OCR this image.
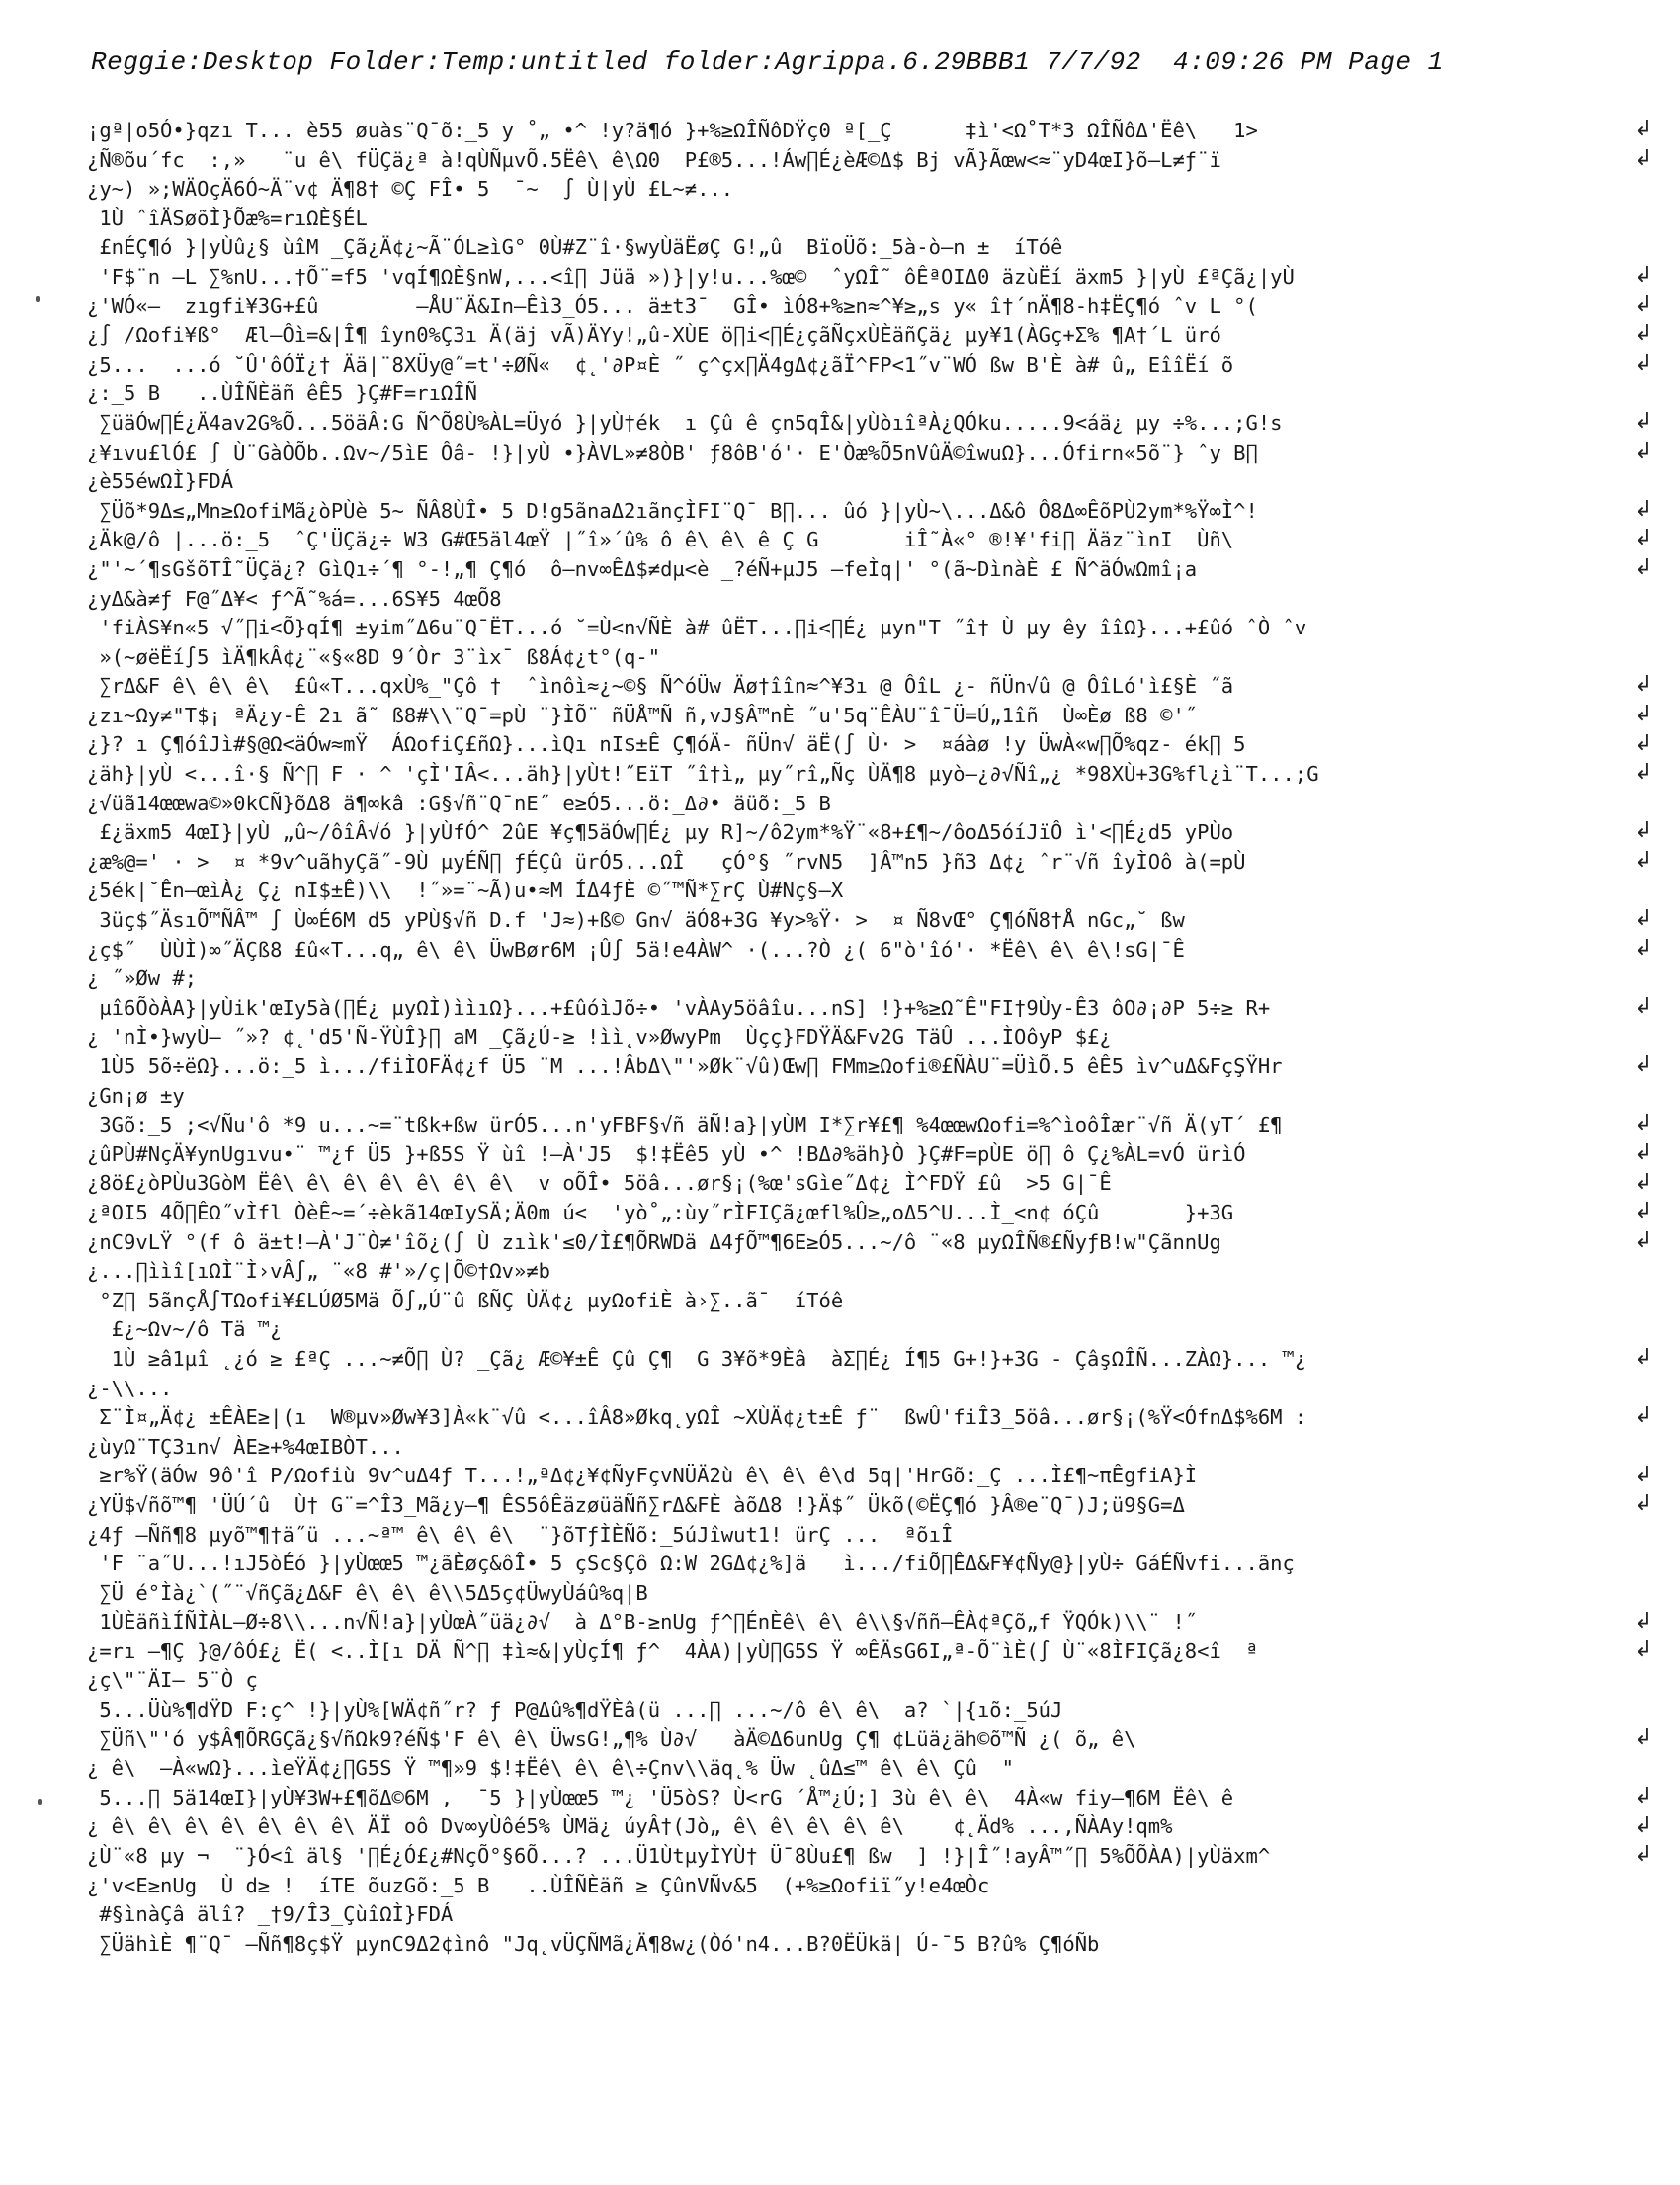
Reggie:Desktop Folder:Temp:untitled folder:Agrippa.6.29BBB1 7/7/92  4:09:26 PM Page 1
¡gª|o5Ó•}qzı T... è55 øuàs¨Q¯õ:_5 y ˚„ •^ !y?ä¶ó }+%≥ΩÎÑôDŸç0 ª[_Ç      ‡ì'<Ω˚T*3 ΩÎÑôΔ'Ëê\   1>
¿Ñ®õu´fc  :,»   ¨u ê\ fÜÇä¿ª à!qÙÑµvÕ.5Ëê\ ê\Ω0  P£®5...!Áw∏É¿èÆ©Δ$ Bj vÃ}Ãœw<≈¨yD4œI}õ—L≠ƒ¨ï
¿y~) »;WÄOçÄ6Ó~Ä¨v¢ Ä¶8† ©Ç FÎ• 5  ¯~  ∫ Ù|yÙ £L~≠...
1Ù ˆîÄSøõÌ}Õæ%=rıΩÈ§ÉL
£nÉÇ¶ó }|yÙû¿§ ùîM _Çã¿Ä¢¿~Ã¨ÓL≥ìG° 0Ù#Z¨î·§wyÙäËøÇ G!„û  BïoÜõ:_5à-ò—n ±  íTóê
'F$¨n —L ∑%nU...†Õ¨=f5 'vqÍ¶ΩÈ§nW,...<î∏ Jüä »)}|y!u...%œ©  ˆyΩÎ˜ ôÊªOIΔ0 äzùËí äxm5 }|yÙ £ªÇã¿|yÙ
¿'WÓ«—  zıgfi¥3G+£û        —ÅU¨Ä&In—Êì3_Ó5... ä±t3¯  GÎ• ìÓ8+%≥n≈^¥≥„s y« î†´nÄ¶8-h‡ËÇ¶ó ˆv L °(
¿∫ /Ωofi¥ß°  Æl—Ôì=&|Î¶ îyn0%Ç3ı Ä(äj vÃ)ÄYy!„û-XÙE ö∏i<∏É¿çãÑçxÙÈäñÇä¿ µy¥1(ÀGç+Σ% ¶A†´L üró
¿5...  ...ó ˘Û'ôÓÏ¿† Ää|¨8XÜy@˝=t'÷ØÑ«  ¢˛'∂P¤È ˝ ç^çx∏Ä4gΔ¢¿ãÏ^FP<1˝v¨WÓ ßw B'È à# û„ EîîËí õ
¿:_5 B   ..ÙÎÑÈäñ êÊ5 }Ç#F=rıΩÎÑ
∑üäÓw∏É¿Ä4av2G%Õ...5öäÂ:G Ñ^Õ8Ù%ÀL=Üyó }|yÙ†ék  ı Çû ê çn5qÎ&|yÙòıîªÀ¿QÓku.....9<áä¿ µy ÷%...;G!s
¿¥ıvu£lÓ£ ∫ Ù¨GàÒÕb..Ωv~/5ìE Ôâ- !}|yÙ •}ÀVL»≠8ÒB' ƒ8ôB'ó'· E'Òæ%Õ5nVûÄ©îwuΩ}...Ófirn«5õ¨} ˆy B∏
¿è55éwΩÌ}FDÁ
∑Üõ*9Δ≤„Mn≥ΩofiMã¿òPÙè 5~ ÑÂ8ÙÎ• 5 D!g5ãnaΔ2ıãnçÌFI¨Q¯ B∏... ûó }|yÙ~\...Δ&ô Ô8Δ∞ÊõPÙ2ym*%Ÿ∞Ì^!
¿Äk@/ô |...ö:_5  ˆÇ'ÜÇä¿÷ W3 G#Œ5äl4œŸ |˝î»´û% ô ê\ ê\ ê Ç G       iÎ˜À«° ®!¥'fi∏ Ääz¨ìnI  Ùñ\
¿"'~´¶sGšõTÎ˜ÜÇä¿? GìQı÷´¶ °-!„¶ Ç¶ó  ô—nv∞ÊΔ$≠dµ<è _?éÑ+µJ5 —feÌq|' °(ã~DìnàÈ £ Ñ^äÓwΩmî¡a
¿yΔ&à≠ƒ F@˝Δ¥< ƒ^Ã˜%á=...6S¥5 4œÕ8
'fiÀS¥n«5 √˝∏i<Õ}qÍ¶ ±yim˝Δ6u¨Q¯ËT...ó ˘=Ù<n√ÑÈ à# ûËT...∏i<∏É¿ µyn"T ˝î† Ù µy êy îîΩ}...+£ûó ˆÒ ˆv
»(~øëËí∫5 ìÄ¶kÂ¢¿¨«§«8D 9´Òr 3¨ìx¯ ß8Á¢¿t°(q-"
∑rΔ&F ê\ ê\ ê\  £û«T...qxÙ%_"Çô †  ˆìnôì≈¿~©§ Ñ^óÜw Äø†îîn≈^¥3ı @ ÔîL ¿- ñÜn√û @ ÔîLó'ì£§È ˝ã
¿zı~Ωy≠"T$¡ ªÄ¿y-Ê 2ı ã˜ ß8#\\¨Q¯=pÙ ¨}ÌÕ¨ ñÜÅ™Ñ ñ,vJ§Â™nÈ ˝u'5q¨ÊÀU¨î¯Ü=Ú„1îñ  Ù∞Èø ß8 ©'˝
¿}? ı Ç¶óîJì#§@Ω<äÓw≈mŸ  ÁΩofiÇ£ñΩ}...ìQı nI$±Ê Ç¶óÄ- ñÜn√ äË(∫ Ù· >  ¤áàø !y ÜwÀ«w∏Õ%qz- ék∏ 5
¿äh}|yÙ <...î·§ Ñ^∏ F · ^ 'çÌ'IÂ<...äh}|yÙt!˝EïT ˝î†ì„ µy˝rî„Ñç ÙÄ¶8 µyò—¿∂√Ñî„¿ *98XÙ+3G%fl¿ì¨T...;G
¿√üã14œœwa©»0kCÑ}õΔ8 ä¶∞kâ :G§√ñ¨Q¯nE˝ e≥Ó5...ö:_Δ∂• äüõ:_5 B
£¿äxm5 4œI}|yÙ „û~/ôîÂ√ó }|yÙfÓ^ 2ûE ¥ç¶5äÓw∏É¿ µy R]~/ô2ym*%Ÿ¨«8+£¶~/ôoΔ5óíJïÔ ì'<∏É¿d5 yPÙo
¿æ%@=' · >  ¤ *9v^uãhyÇã˝-9Ù µyÉÑ∏ ƒÉÇû ürÓ5...ΩÎ   çÓ°§ ˝rvN5  ]Â™n5 }ñ3 Δ¢¿ ˆr¨√ñ îyÌOô à(=pÙ
¿5ék|˘Ên—œìÀ¿ Ç¿ nI$±Ê)\\  !˝»=¨~Ã)u•≈M ÍΔ4ƒÈ ©˝™Ñ*∑rÇ Ù#Nç§—X
3üç$˝ÄsıÕ™ÑÂ™ ∫ Ù∞É6M d5 yPÙ§√ñ D.f 'J≈)+ß© Gn√ äÓ8+3G ¥y>%Ÿ· >  ¤ Ñ8vŒ° Ç¶óÑ8†Å nGc„˘ ßw
¿ç$˝  ÙÙÌ)∞˝ÄÇß8 £û«T...q„ ê\ ê\ ÜwBør6M ¡Û∫ 5ä!e4ÀW^ ·(...?Ò ¿( 6"ò'îó'· *Ëê\ ê\ ê\!sG|¯Ê
¿ ˝»Øw #;
µî6ÕòÀA}|yÙik'œIy5à(∏É¿ µyΩÌ)ììıΩ}...+£ûóìJõ÷• 'vÀAy5öâîu...nS] !}+%≥Ω˜Ê"FI†9Ùy-Ê3 ôO∂¡∂P 5÷≥ R+
¿ 'nÌ•}wyÙ— ˝»? ¢˛'d5'Ñ-ŸÙÎ}∏ aM _Çã¿Ú-≥ !ìì˛v»ØwyPm  Ùçç}FDŸÄ&Fv2G TäÛ ...ÌOôyP $£¿
1Ù5 5õ÷ëΩ}...ö:_5 ì.../fiÌOFÄ¢¿f Ü5 ¨M ...!ÂbΔ\"'»Øk¨√û)Œw∏ FMm≥Ωofi®£ÑÀU¨=ÜìÕ.5 êÊ5 ìv^uΔ&FçŞŸHr
¿Gn¡ø ±y
3Gõ:_5 ;<√Ñu'ô *9 u...~=¨tßk+ßw ürÓ5...n'yFBF§√ñ äÑ!a}|yÙM I*∑r¥£¶ %4œœwΩofi=%^ìoôÎær¨√ñ Ä(yT´ £¶
¿ûPÙ#NçÄ¥ynUgıvu•¨ ™¿f Ü5 }+ß5S Ÿ ùî !—À'J5  $!‡Ëê5 yÙ •^ !BΔ∂%äh}Ò }Ç#F=pÙE ö∏ ô Ç¿%ÀL=vÓ ürìÓ
¿8ö£¿òPÙu3GòM Ëê\ ê\ ê\ ê\ ê\ ê\ ê\  v oÕÎ• 5öâ...ør§¡(%œ'sGìe˝Δ¢¿ Ì^FDŸ £û  >5 G|¯Ê
¿ªOI5 4Õ∏ÊΩ˝vÌfl ÒèÊ~=´÷èkã14œIySÄ;Ä0m ú<  'yò˚„:ùy˝rÌFIÇã¿œfl%Û≥„oΔ5^U...Ì_<n¢ óÇû       }+3G
¿nC9vLŸ °(f ô ä±t!—À'J¨Ò≠'îõ¿(∫ Ù zıìk'≤0/Ì£¶ÕRWDä Δ4ƒÕ™¶6E≥Ó5...~/ô ¨«8 µyΩÎÑ®£ÑyƒB!w"ÇãnnUg
¿...∏ììî[ıΩÌ¨Ì›vÂ∫„ ¨«8 #'»/ç|Õ©†Ωv»≠b
°Z∏ 5ãnçÅ∫TΩofi¥£LÚØ5Mä Õ∫„Ú¨û ßÑÇ ÙÄ¢¿ µyΩofiÈ à›∑..ã¯  íTóê
£¿~Ωv~/ô Tä ™¿
1Ù ≥â1µî ˛¿ó ≥ £ªÇ ...~≠Õ∏ Ù? _Çã¿ Æ©¥±Ê Çû Ç¶  G 3¥õ*9Èâ  àΣ∏É¿ Í¶5 G+!}+3G - ÇâşΩÎÑ...ZÀΩ}... ™¿
¿-\\...
Σ¨Ì¤„Ä¢¿ ±ÊÀE≥|(ı  W®µv»Øw¥3]À«k¨√û <...îÂ8»Økq˛yΩÎ ~XÙÄ¢¿t±Ê ƒ¨  ßwÛ'fiÎ3_5öâ...ør§¡(%Ÿ<ÓfnΔ$%6M :
¿ùyΩ¨TÇ3ın√ ÀE≥+%4œIBÒT...
≥r%Ÿ(äÓw 9ô'î P/Ωofiù 9v^uΔ4ƒ T...!„ªΔ¢¿¥¢ÑyFçvNÜÄ2ù ê\ ê\ ê\d 5q|'HrGõ:_Ç ...Ì£¶~πÊgfiA}Ì
¿YÜ$√ñõ™¶ 'ÜÚ´û  Ù† G¨=^Î3_Mã¿y—¶ ÊS5ôÊäzøüäÑñ∑rΔ&FÈ àõΔ8 !}Ä$˝ Ükõ(©ËÇ¶ó }Â®e¨Q¯)J;ü9§G=Δ
¿4ƒ —Ññ¶8 µyõ™¶†ä˝ü ...~ª™ ê\ ê\ ê\  ¨}õTƒÌÈÑõ:_5úJîwut1! ürÇ ...  ªõıÎ
'F ¨a˝U...!ıJ5òÉó }|yÙœœ5 ™¿ãÈøç&ôÎ• 5 çSc§Çô Ω:W 2GΔ¢¿%]ä   ì.../fiÕ∏ÊΔ&F¥¢Ñy@}|yÙ÷ GáÉÑvfi...ãnç
∑Ü é°Ìà¿`(˝¨√ñÇã¿Δ&F ê\ ê\ ê\\5Δ5ç¢ÜwyÙáû%q|B
1ÙÈäñìÍÑÌÀL—Ø÷8\\...n√Ñ!a}|yÙœÀ˝üä¿∂√  à Δ°B-≥nUg ƒ^∏ÉnÈê\ ê\ ê\\§√ññ—ÊÀ¢ªÇõ„f ŸQÓk)\\¨ !˝
¿=rı —¶Ç }@/ôÓ£¿ Ë( <..Ì[ı DÄ Ñ^∏ ‡ì≈&|yÙçÍ¶ ƒ^  4ÀA)|yÙ∏G5S Ÿ ∞ÊÄsG6I„ª-Õ¨ìÈ(∫ Ù¨«8ÌFIÇã¿8<î  ª
¿ç\"¨ÄI— 5¨Ò ç
5...Üù%¶dŸD F:ç^ !}|yÙ%[WÄ¢ñ˝r? ƒ P@Δû%¶dŸÈâ(ü ...∏ ...~/ô ê\ ê\  a? `|{ıõ:_5úJ
∑Üñ\"'ó y$Â¶ÕRGÇã¿§√ñΩk9?éÑ$'F ê\ ê\ ÜwsG!„¶% Ù∂√   àÄ©Δ6unUg Ç¶ ¢Lüä¿äh©õ™Ñ ¿( õ„ ê\
¿ ê\  —À«wΩ}...ìeŸÄ¢¿∏G5S Ÿ ™¶»9 $!‡Ëê\ ê\ ê\÷Çnv\\äq˛% Üw ˛ûΔ≤™ ê\ ê\ Çû  "
5...∏ 5ä14œI}|yÙ¥3W+£¶õΔ©6M ,  ¯5 }|yÙœœ5 ™¿ 'Ü5òS? Ù<rG ´Å™¿Ú;] 3ù ê\ ê\  4À«w fiy—¶6M Ëê\ ê
¿ ê\ ê\ ê\ ê\ ê\ ê\ ê\ ÄÏ oô Dv∞yÙôé5% ÙMä¿ úyÂ†(Jò„ ê\ ê\ ê\ ê\ ê\    ¢˛Äd% ...,ÑÀAy!qm%
¿Ù¨«8 µy ¬  ¨}Ó<î äl§ '∏É¿Ó£¿#NçÕ°§6Õ...? ...Ü1ÙtµyÌYÙ† Ü¯8Ùu£¶ ßw  ] !}|Î˝!ayÂ™˝∏ 5%ÕÕÀA)|yÙäxm^
¿'v<E≥nUg  Ù d≥ !  íTE õuzGõ:_5 B   ..ÙÎÑÈäñ ≥ ÇûnVÑv&5  (+%≥Ωofiï˝y!e4œÒc
#§ìnàÇâ älî? _†9/Î3_ÇùîΩÌ}FDÁ
∑ÜähìÈ ¶¨Q¯ —Ññ¶8ç$Ÿ µynC9Δ2¢ìnô "Jq˛vÜÇÑMã¿Ä¶8w¿(Òó'n4...B?0ËÜkä| Ú-¯5 B?û% Ç¶óÑb
↲
↲
↲
↲
↲
↲
↲
↲
↲
↲
↲
↲
↲
↲
↲
↲
↲
↲
↲
↲
↲
↲
↲
↲
↲
↲
↲
↲
↲
↲
↲
↲
↲
↲
↲
↲
